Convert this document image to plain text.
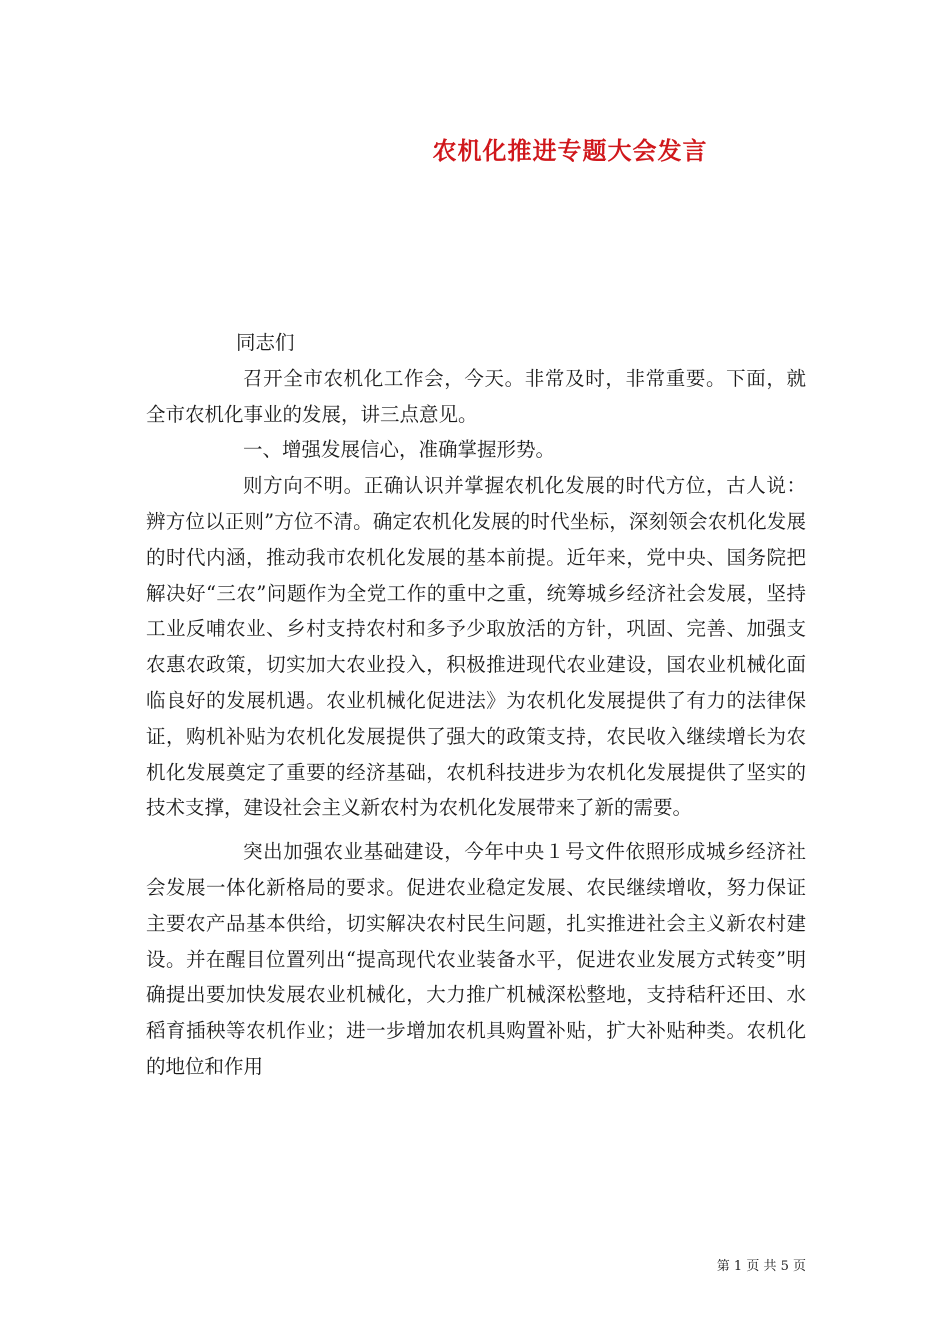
农机化推进专题大会发言

同志们

召开全市农机化工作会，今天。非常及时，非常重要。下面，就全市农机化事业的发展，讲三点意见。

一、增强发展信心，准确掌握形势。

则方向不明。正确认识并掌握农机化发展的时代方位，古人说：辨方位以正则”方位不清。确定农机化发展的时代坐标，深刻领会农机化发展的时代内涵，推动我市农机化发展的基本前提。近年来，党中央、国务院把解决好“三农”问题作为全党工作的重中之重，统筹城乡经济社会发展，坚持工业反哺农业、乡村支持农村和多予少取放活的方针，巩固、完善、加强支农惠农政策，切实加大农业投入，积极推进现代农业建设，国农业机械化面临良好的发展机遇。农业机械化促进法》为农机化发展提供了有力的法律保证，购机补贴为农机化发展提供了强大的政策支持，农民收入继续增长为农机化发展奠定了重要的经济基础，农机科技进步为农机化发展提供了坚实的技术支撑，建设社会主义新农村为农机化发展带来了新的需要。

突出加强农业基础建设，今年中央１号文件依照形成城乡经济社会发展一体化新格局的要求。促进农业稳定发展、农民继续增收，努力保证主要农产品基本供给，切实解决农村民生问题，扎实推进社会主义新农村建设。并在醒目位置列出“提高现代农业装备水平，促进农业发展方式转变”明确提出要加快发展农业机械化，大力推广机械深松整地，支持秸秆还田、水稻育插秧等农机作业；进一步增加农机具购置补贴，扩大补贴种类。农机化的地位和作用

第 1 页 共 5 页
